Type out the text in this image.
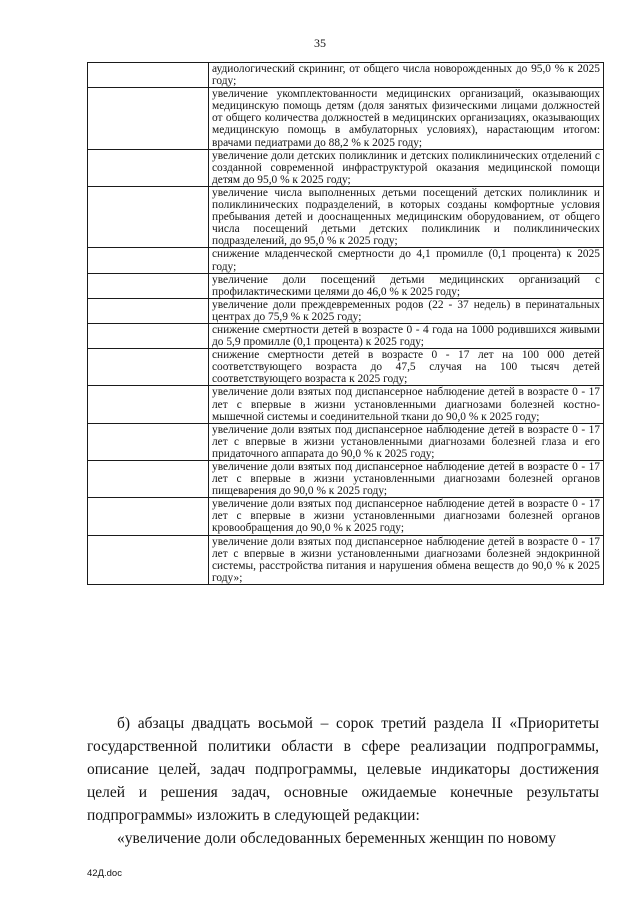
35
	аудиологический скрининг, от общего числа новорожденных до 95,0 % к 2025 году;
	увеличение укомплектованности медицинских организаций, оказывающих медицинскую помощь детям (доля занятых физическими лицами должностей от общего количества должностей в медицинских организациях, оказывающих медицинскую помощь в амбулаторных условиях), нарастающим итогом: врачами педиатрами до 88,2 % к 2025 году;
	увеличение доли детских поликлиник и детских поликлинических отделений с созданной современной инфраструктурой оказания медицинской помощи детям до 95,0 % к 2025 году;
	увеличение числа выполненных детьми посещений детских поликлиник и поликлинических подразделений, в которых созданы комфортные условия пребывания детей и дооснащенных медицинским оборудованием, от общего числа посещений детьми детских поликлиник и поликлинических подразделений, до 95,0 % к 2025 году;
	снижение младенческой смертности до 4,1 промилле (0,1 процента) к 2025 году;
	увеличение доли посещений детьми медицинских организаций с профилактическими целями до 46,0 % к 2025 году;
	увеличение доли преждевременных родов (22 - 37 недель) в перинатальных центрах до 75,9 % к 2025 году;
	снижение смертности детей в возрасте 0 - 4 года на 1000 родившихся живыми до 5,9 промилле (0,1 процента) к 2025 году;
	снижение смертности детей в возрасте 0 - 17 лет на 100 000 детей соответствующего возраста до 47,5 случая на 100 тысяч детей соответствующего возраста к 2025 году;
	увеличение доли взятых под диспансерное наблюдение детей в возрасте 0 - 17 лет с впервые в жизни установленными диагнозами болезней костно-мышечной системы и соединительной ткани до 90,0 % к 2025 году;
	увеличение доли взятых под диспансерное наблюдение детей в возрасте 0 - 17 лет с впервые в жизни установленными диагнозами болезней глаза и его придаточного аппарата до 90,0 % к 2025 году;
	увеличение доли взятых под диспансерное наблюдение детей в возрасте 0 - 17 лет с впервые в жизни установленными диагнозами болезней органов пищеварения до 90,0 % к 2025 году;
	увеличение доли взятых под диспансерное наблюдение детей в возрасте 0 - 17 лет с впервые в жизни установленными диагнозами болезней органов кровообращения до 90,0 % к 2025 году;
	увеличение доли взятых под диспансерное наблюдение детей в возрасте 0 - 17 лет с впервые в жизни установленными диагнозами болезней эндокринной системы, расстройства питания и нарушения обмена веществ до 90,0 % к 2025 году»;
б) абзацы двадцать восьмой – сорок третий раздела II «Приоритеты государственной политики области в сфере реализации подпрограммы, описание целей, задач подпрограммы, целевые индикаторы достижения целей и решения задач, основные ожидаемые конечные результаты подпрограммы» изложить в следующей редакции:
«увеличение доли обследованных беременных женщин по новому
42Д.doc
